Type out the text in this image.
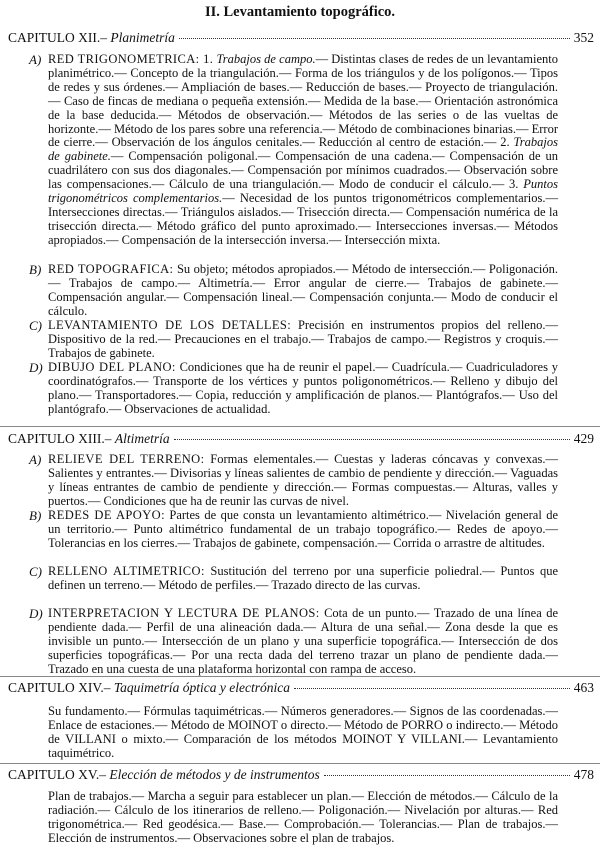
II. Levantamiento topográfico.
CAPITULO XII. – Planimetría	352

A) RED TRIGONOMETRICA: 1. Trabajos de campo.— Distintas clases de redes de un levantamiento planimétrico.— Concepto de la triangulación.— Forma de los triángulos y de los polígonos.— Tipos de redes y sus órdenes.— Ampliación de bases.— Reducción de bases.— Proyecto de triangulación.— Caso de fincas de mediana o pequeña extensión.— Medida de la base.— Orientación astronómica de la base deducida.— Métodos de observación.— Métodos de las series o de las vueltas de horizonte.— Método de los pares sobre una referencia.— Método de combinaciones binarias.— Error de cierre.— Observación de los ángulos cenitales.— Reducción al centro de estación.— 2. Trabajos de gabinete.— Compensación poligonal.— Compensación de una cadena.— Compensación de un cuadrilátero con sus dos diagonales.— Compensación por mínimos cuadrados.— Observación sobre las compensaciones.— Cálculo de una triangulación.— Modo de conducir el cálculo.— 3. Puntos trigonométricos complementarios.— Necesidad de los puntos trigonométricos complementarios.— Intersecciones directas.— Triángulos aislados.— Trisección directa.— Compensación numérica de la trisección directa.— Método gráfico del punto aproximado.— Intersecciones inversas.— Métodos apropiados.— Compensación de la intersección inversa.— Intersección mixta.

B) RED TOPOGRAFICA: Su objeto; métodos apropiados.— Método de intersección.— Poligonación.— Trabajos de campo.— Altimetría.— Error angular de cierre.— Trabajos de gabinete.— Compensación angular.— Compensación lineal.— Compensación conjunta.— Modo de conducir el cálculo.

C) LEVANTAMIENTO DE LOS DETALLES: Precisión en instrumentos propios del relleno.— Dispositivo de la red.— Precauciones en el trabajo.— Trabajos de campo.— Registros y croquis.— Trabajos de gabinete.

D) DIBUJO DEL PLANO: Condiciones que ha de reunir el papel.— Cuadrícula.— Cuadriculadores y coordinatógrafos.— Transporte de los vértices y puntos poligonométricos.— Relleno y dibujo del plano.— Transportadores.— Copia, reducción y amplificación de planos.— Plantógrafos.— Uso del plantógrafo.— Observaciones de actualidad.

CAPITULO XIII. – Altimetría	429

A) RELIEVE DEL TERRENO: Formas elementales.— Cuestas y laderas cóncavas y convexas.— Salientes y entrantes.— Divisorias y líneas salientes de cambio de pendiente y dirección.— Vaguadas y líneas entrantes de cambio de pendiente y dirección.— Formas compuestas.— Alturas, valles y puertos.— Condiciones que ha de reunir las curvas de nivel.

B) REDES DE APOYO: Partes de que consta un levantamiento altimétrico.— Nivelación general de un territorio.— Punto altimétrico fundamental de un trabajo topográfico.— Redes de apoyo.— Tolerancias en los cierres.— Trabajos de gabinete, compensación.— Corrida o arrastre de altitudes.

C) RELLENO ALTIMETRICO: Sustitución del terreno por una superficie poliedral.— Puntos que definen un terreno.— Método de perfiles.— Trazado directo de las curvas.

D) INTERPRETACION Y LECTURA DE PLANOS: Cota de un punto.— Trazado de una línea de pendiente dada.— Perfil de una alineación dada.— Altura de una señal.— Zona desde la que es invisible un punto.— Intersección de un plano y una superficie topográfica.— Intersección de dos superficies topográficas.— Por una recta dada del terreno trazar un plano de pendiente dada.— Trazado en una cuesta de una plataforma horizontal con rampa de acceso.

CAPITULO XIV. – Taquimetría óptica y electrónica	463

Su fundamento.— Fórmulas taquimétricas.— Números generadores.— Signos de las coordenadas.— Enlace de estaciones.— Método de MOINOT o directo.— Método de PORRO o indirecto.— Método de VILLANI o mixto.— Comparación de los métodos MOINOT Y VILLANI.— Levantamiento taquimétrico.

CAPITULO XV. – Elección de métodos y de instrumentos	478

Plan de trabajos.— Marcha a seguir para establecer un plan.— Elección de métodos.— Cálculo de la radiación.— Cálculo de los itinerarios de relleno.— Poligonación.— Nivelación por alturas.— Red trigonométrica.— Red geodésica.— Base.— Comprobación.— Tolerancias.— Plan de trabajos.— Elección de instrumentos.— Observaciones sobre el plan de trabajos.
